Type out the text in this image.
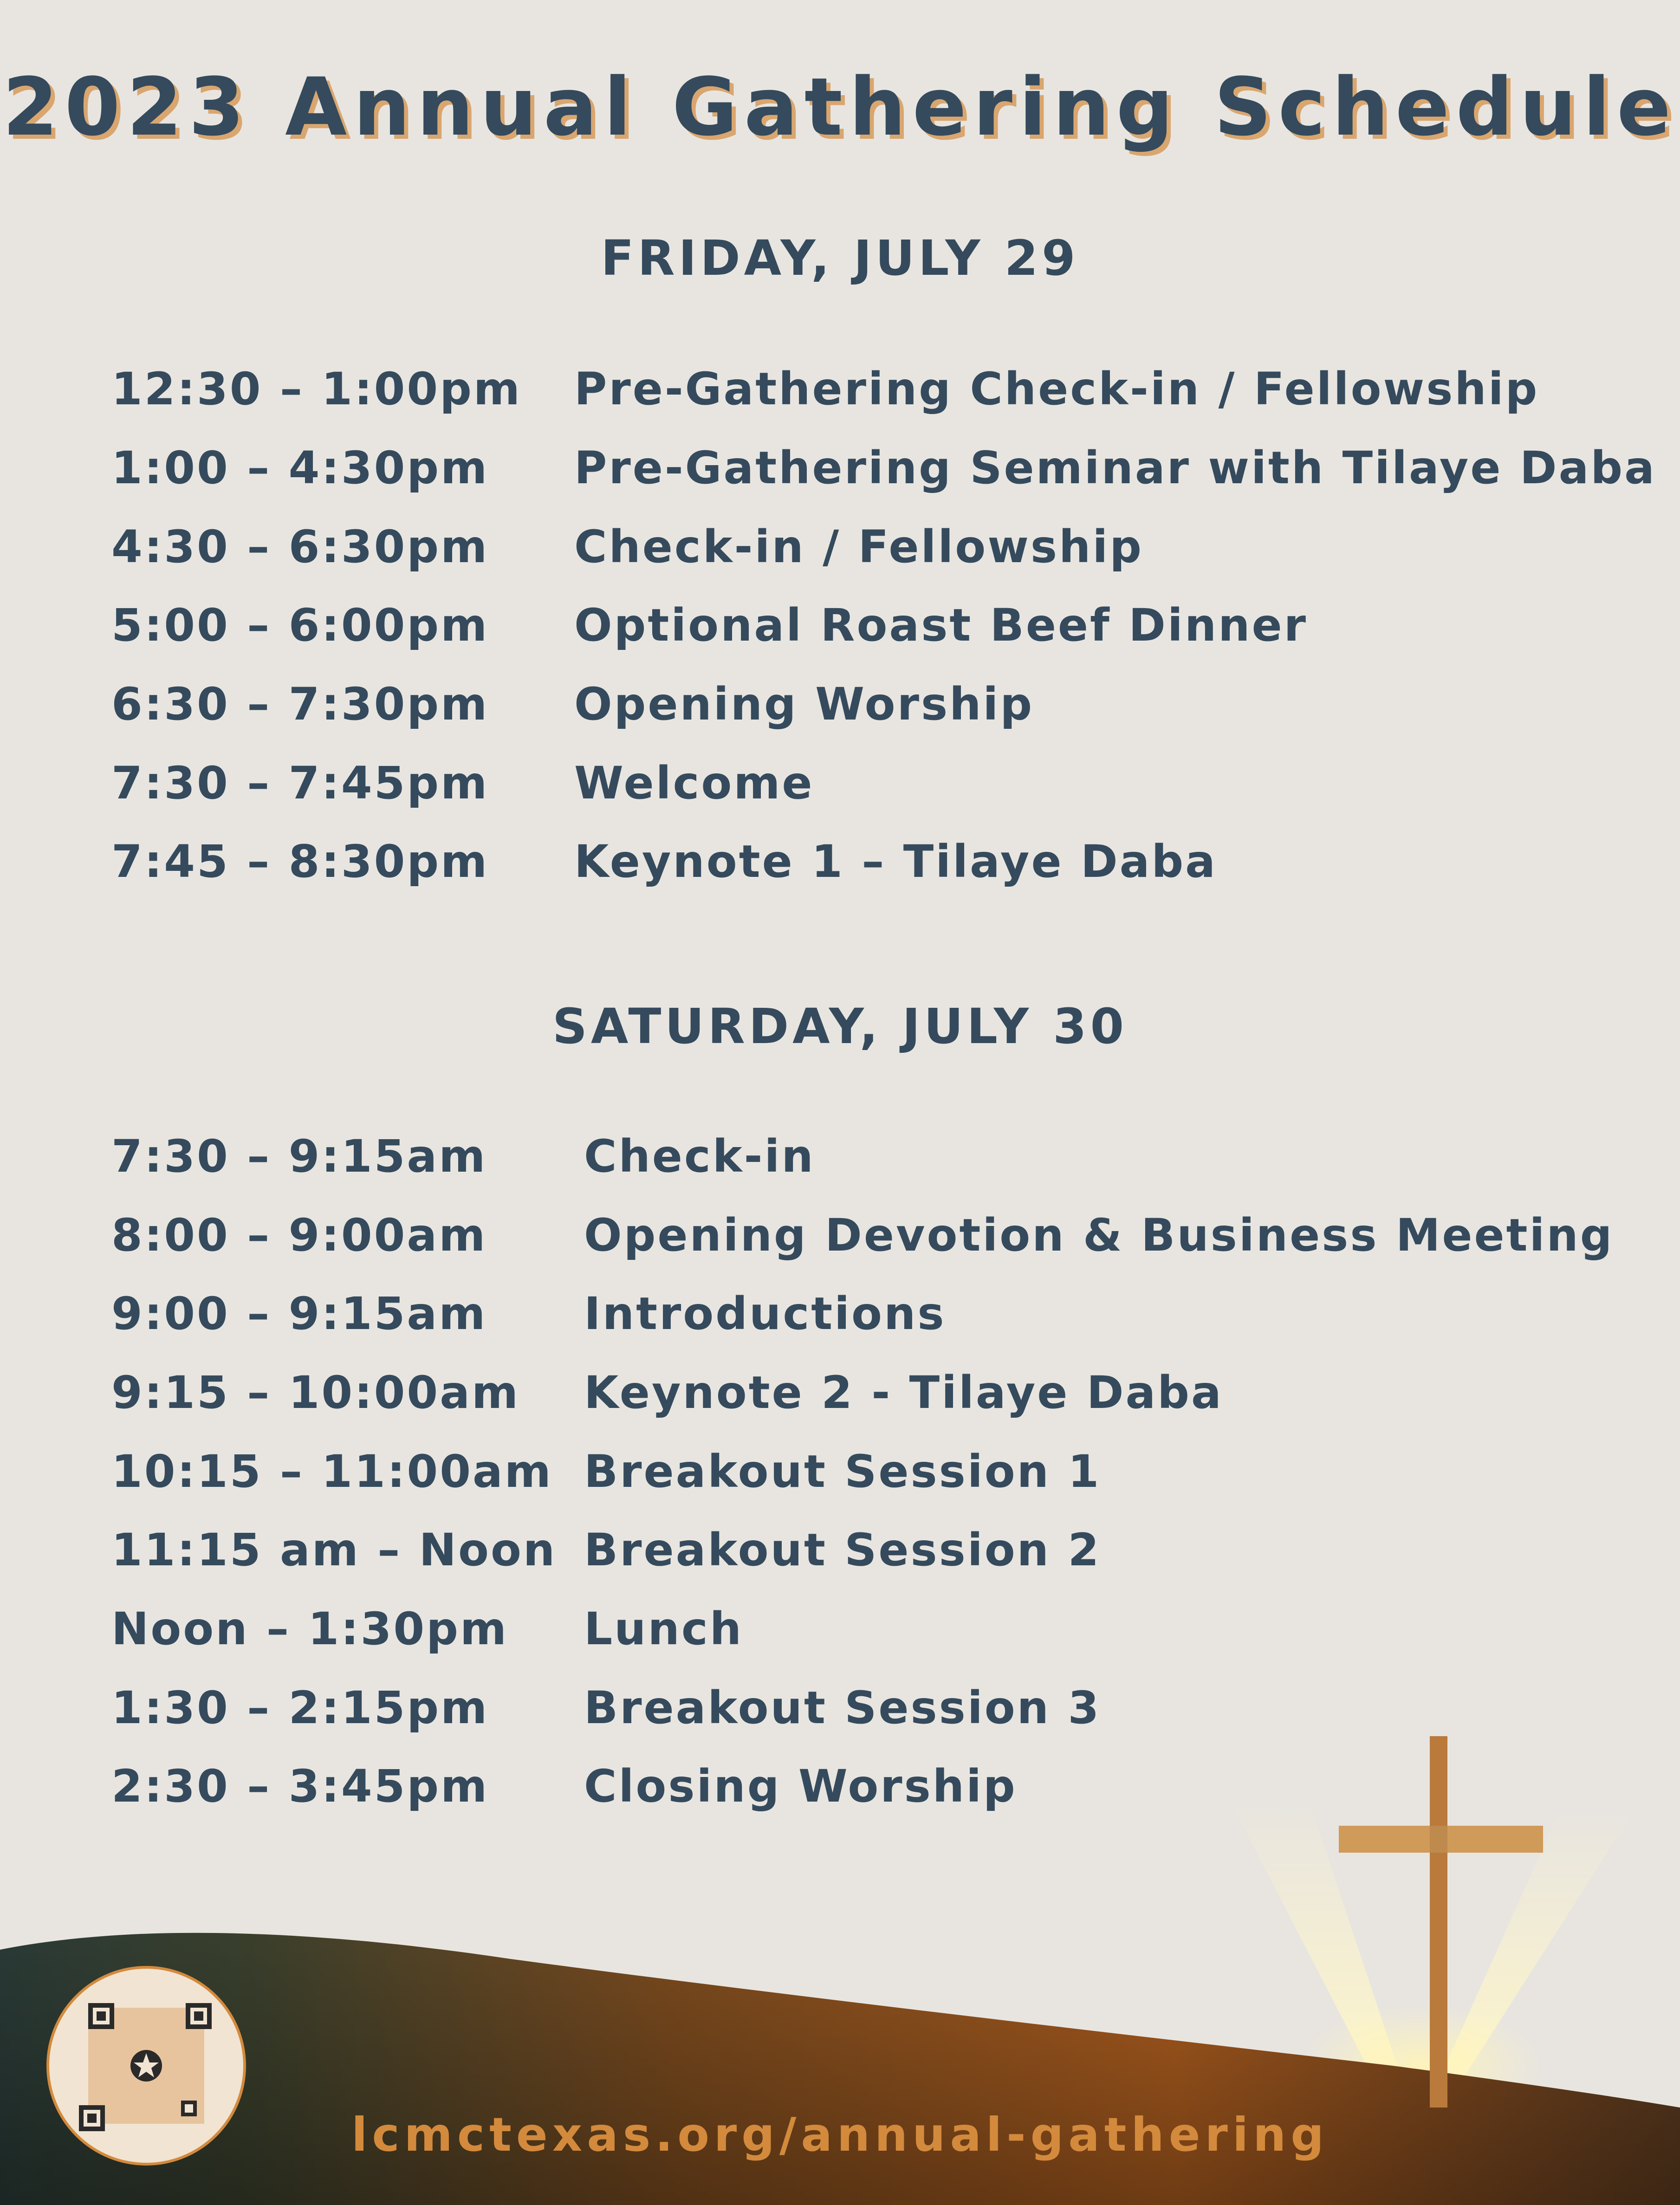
2023 Annual Gathering Schedule
FRIDAY, JULY 29
12:30 – 1:00pm Pre-Gathering Check-in / Fellowship
1:00 – 4:30pm Pre-Gathering Seminar with Tilaye Daba
4:30 – 6:30pm Check-in / Fellowship
5:00 – 6:00pm Optional Roast Beef Dinner
6:30 – 7:30pm Opening Worship
7:30 – 7:45pm Welcome
7:45 – 8:30pm Keynote 1 – Tilaye Daba
SATURDAY, JULY 30
7:30 – 9:15am Check-in
8:00 – 9:00am Opening Devotion & Business Meeting
9:00 – 9:15am Introductions
9:15 – 10:00am Keynote 2 - Tilaye Daba
10:15 – 11:00am Breakout Session 1
11:15 am – Noon Breakout Session 2
Noon – 1:30pm Lunch
1:30 – 2:15pm Breakout Session 3
2:30 – 3:45pm Closing Worship
lcmctexas.org/annual-gathering
